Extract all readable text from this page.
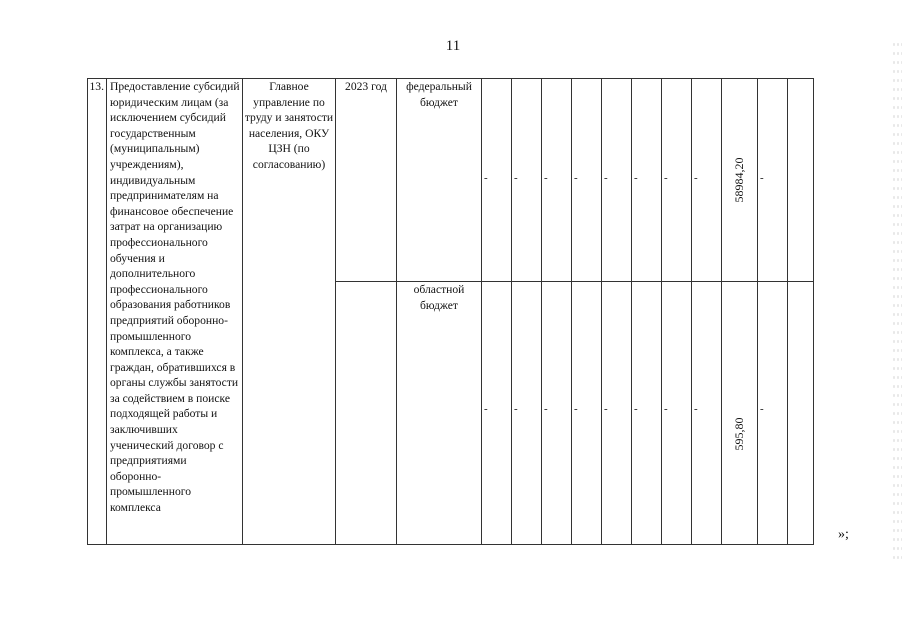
11
13.	Предоставление субсидий юридическим лицам (за исключением субсидий государственным (муниципальным) учреждениям), индивидуальным предпринимателям на финансовое обеспечение затрат на организацию профессионального обучения и дополнительного профессионального образования работников предприятий оборонно-промышленного комплекса, а также граждан, обратившихся в органы службы занятости за содействием в поиске подходящей работы и заключивших ученический договор с предприятиями оборонно-промышленного комплекса	Главное управление по труду и занятости населения, ОКУ ЦЗН (по согласованию)	2023 год	федеральный бюджет	-	-	-	-	-	-	-	-	58984,20	-	

				областной бюджет	-	-	-	-	-	-	-	-	595,80	-	

»;
